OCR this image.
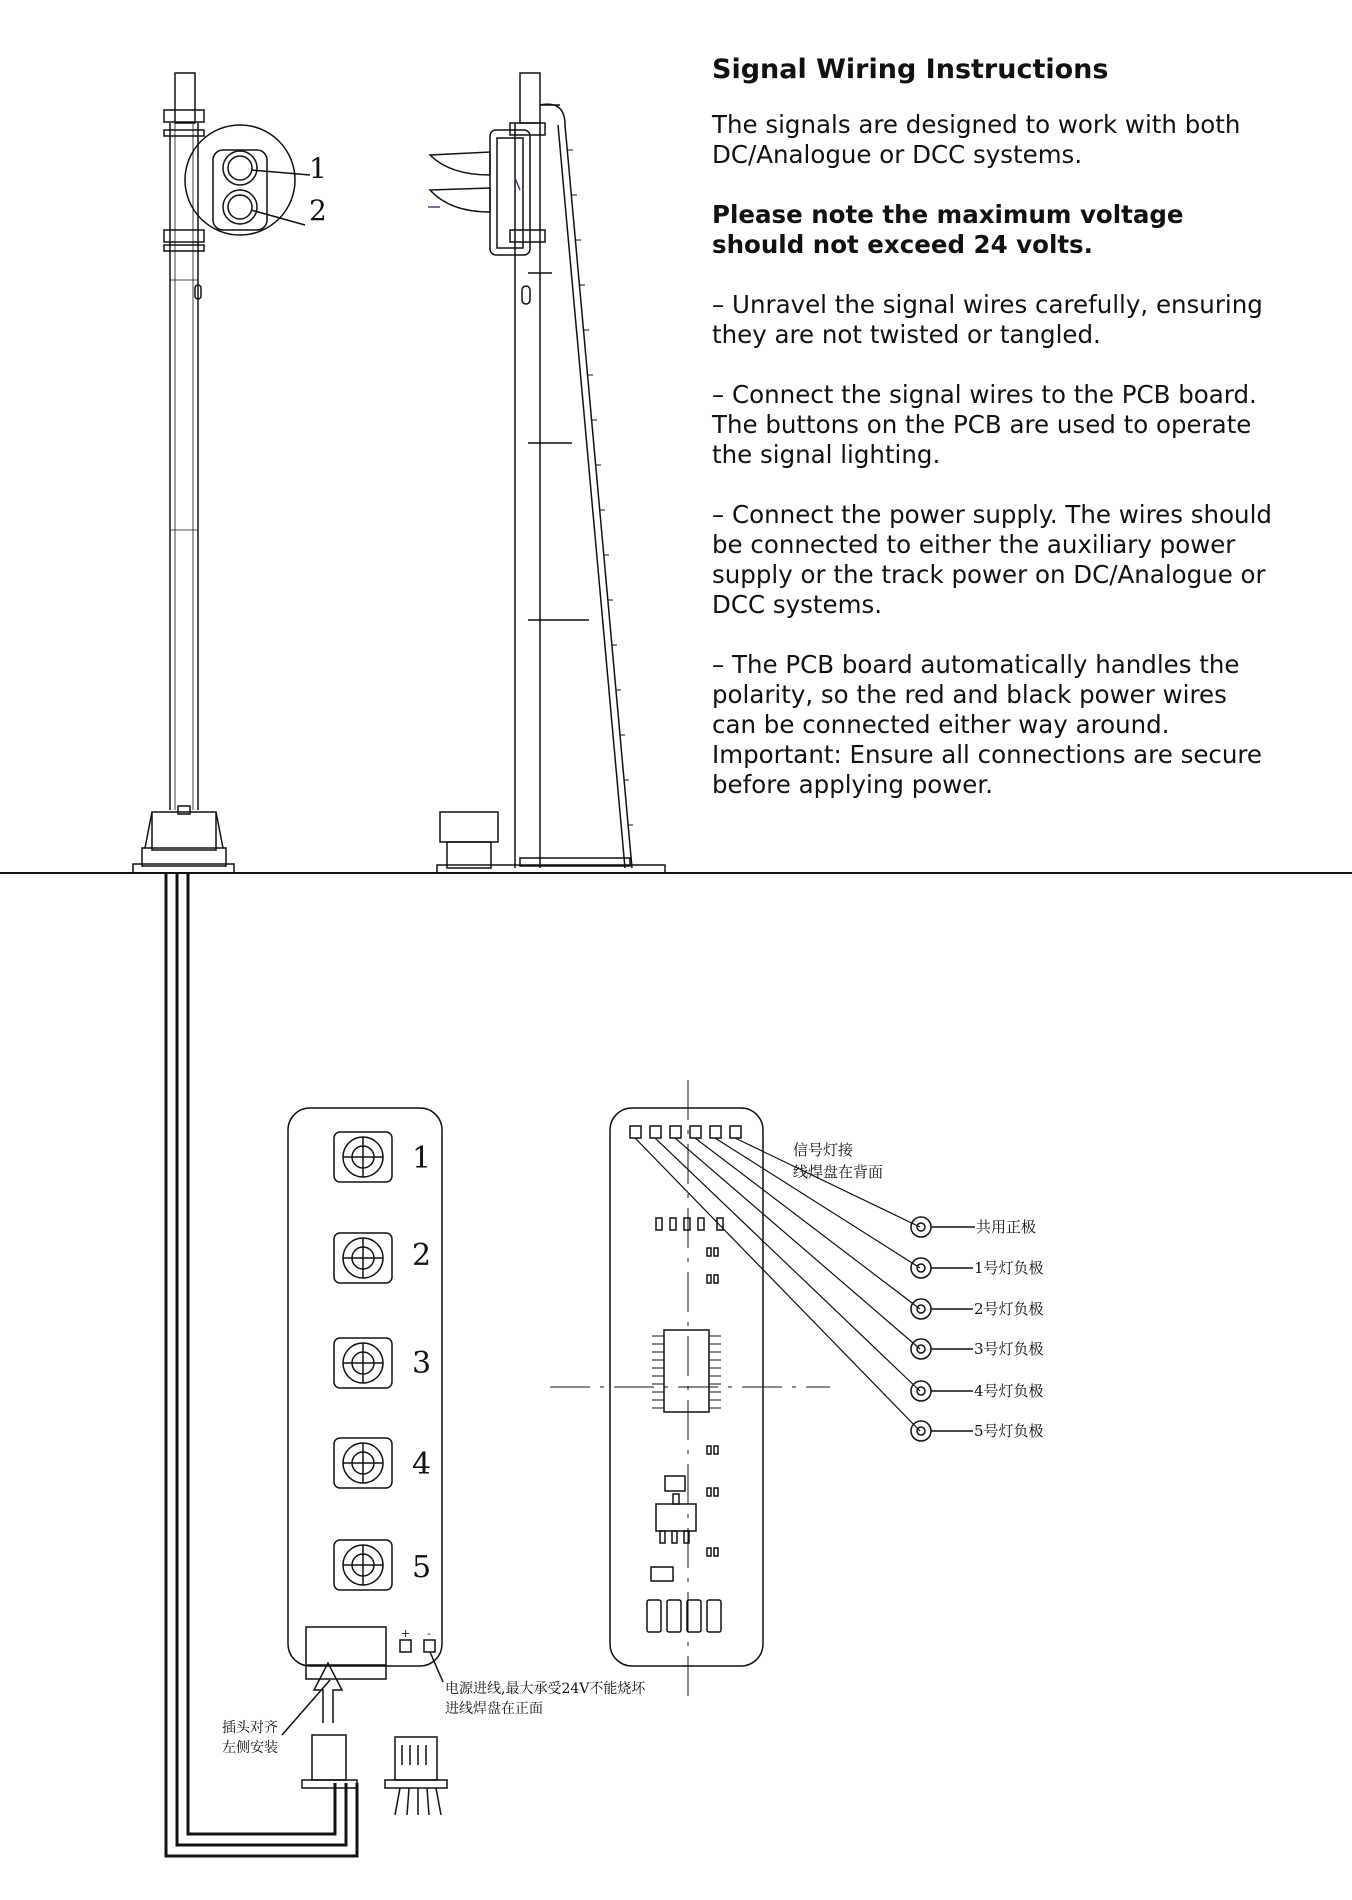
Signal Wiring Instructions

The signals are designed to work with both DC/Analogue or DCC systems.

Please note the maximum voltage should not exceed 24 volts.

– Unravel the signal wires carefully, ensuring they are not twisted or tangled.

– Connect the signal wires to the PCB board. The buttons on the PCB are used to operate the signal lighting.

– Connect the power supply. The wires should be connected to either the auxiliary power supply or the track power on DC/Analogue or DCC systems.

– The PCB board automatically handles the polarity, so the red and black power wires can be connected either way around. Important: Ensure all connections are secure before applying power.

1
2
1
2
3
4
5
+ -
电源进线,最大承受24V不能烧坏
进线焊盘在正面
插头对齐
左侧安装
信号灯接
线焊盘在背面
共用正极
1号灯负极
2号灯负极
3号灯负极
4号灯负极
5号灯负极
